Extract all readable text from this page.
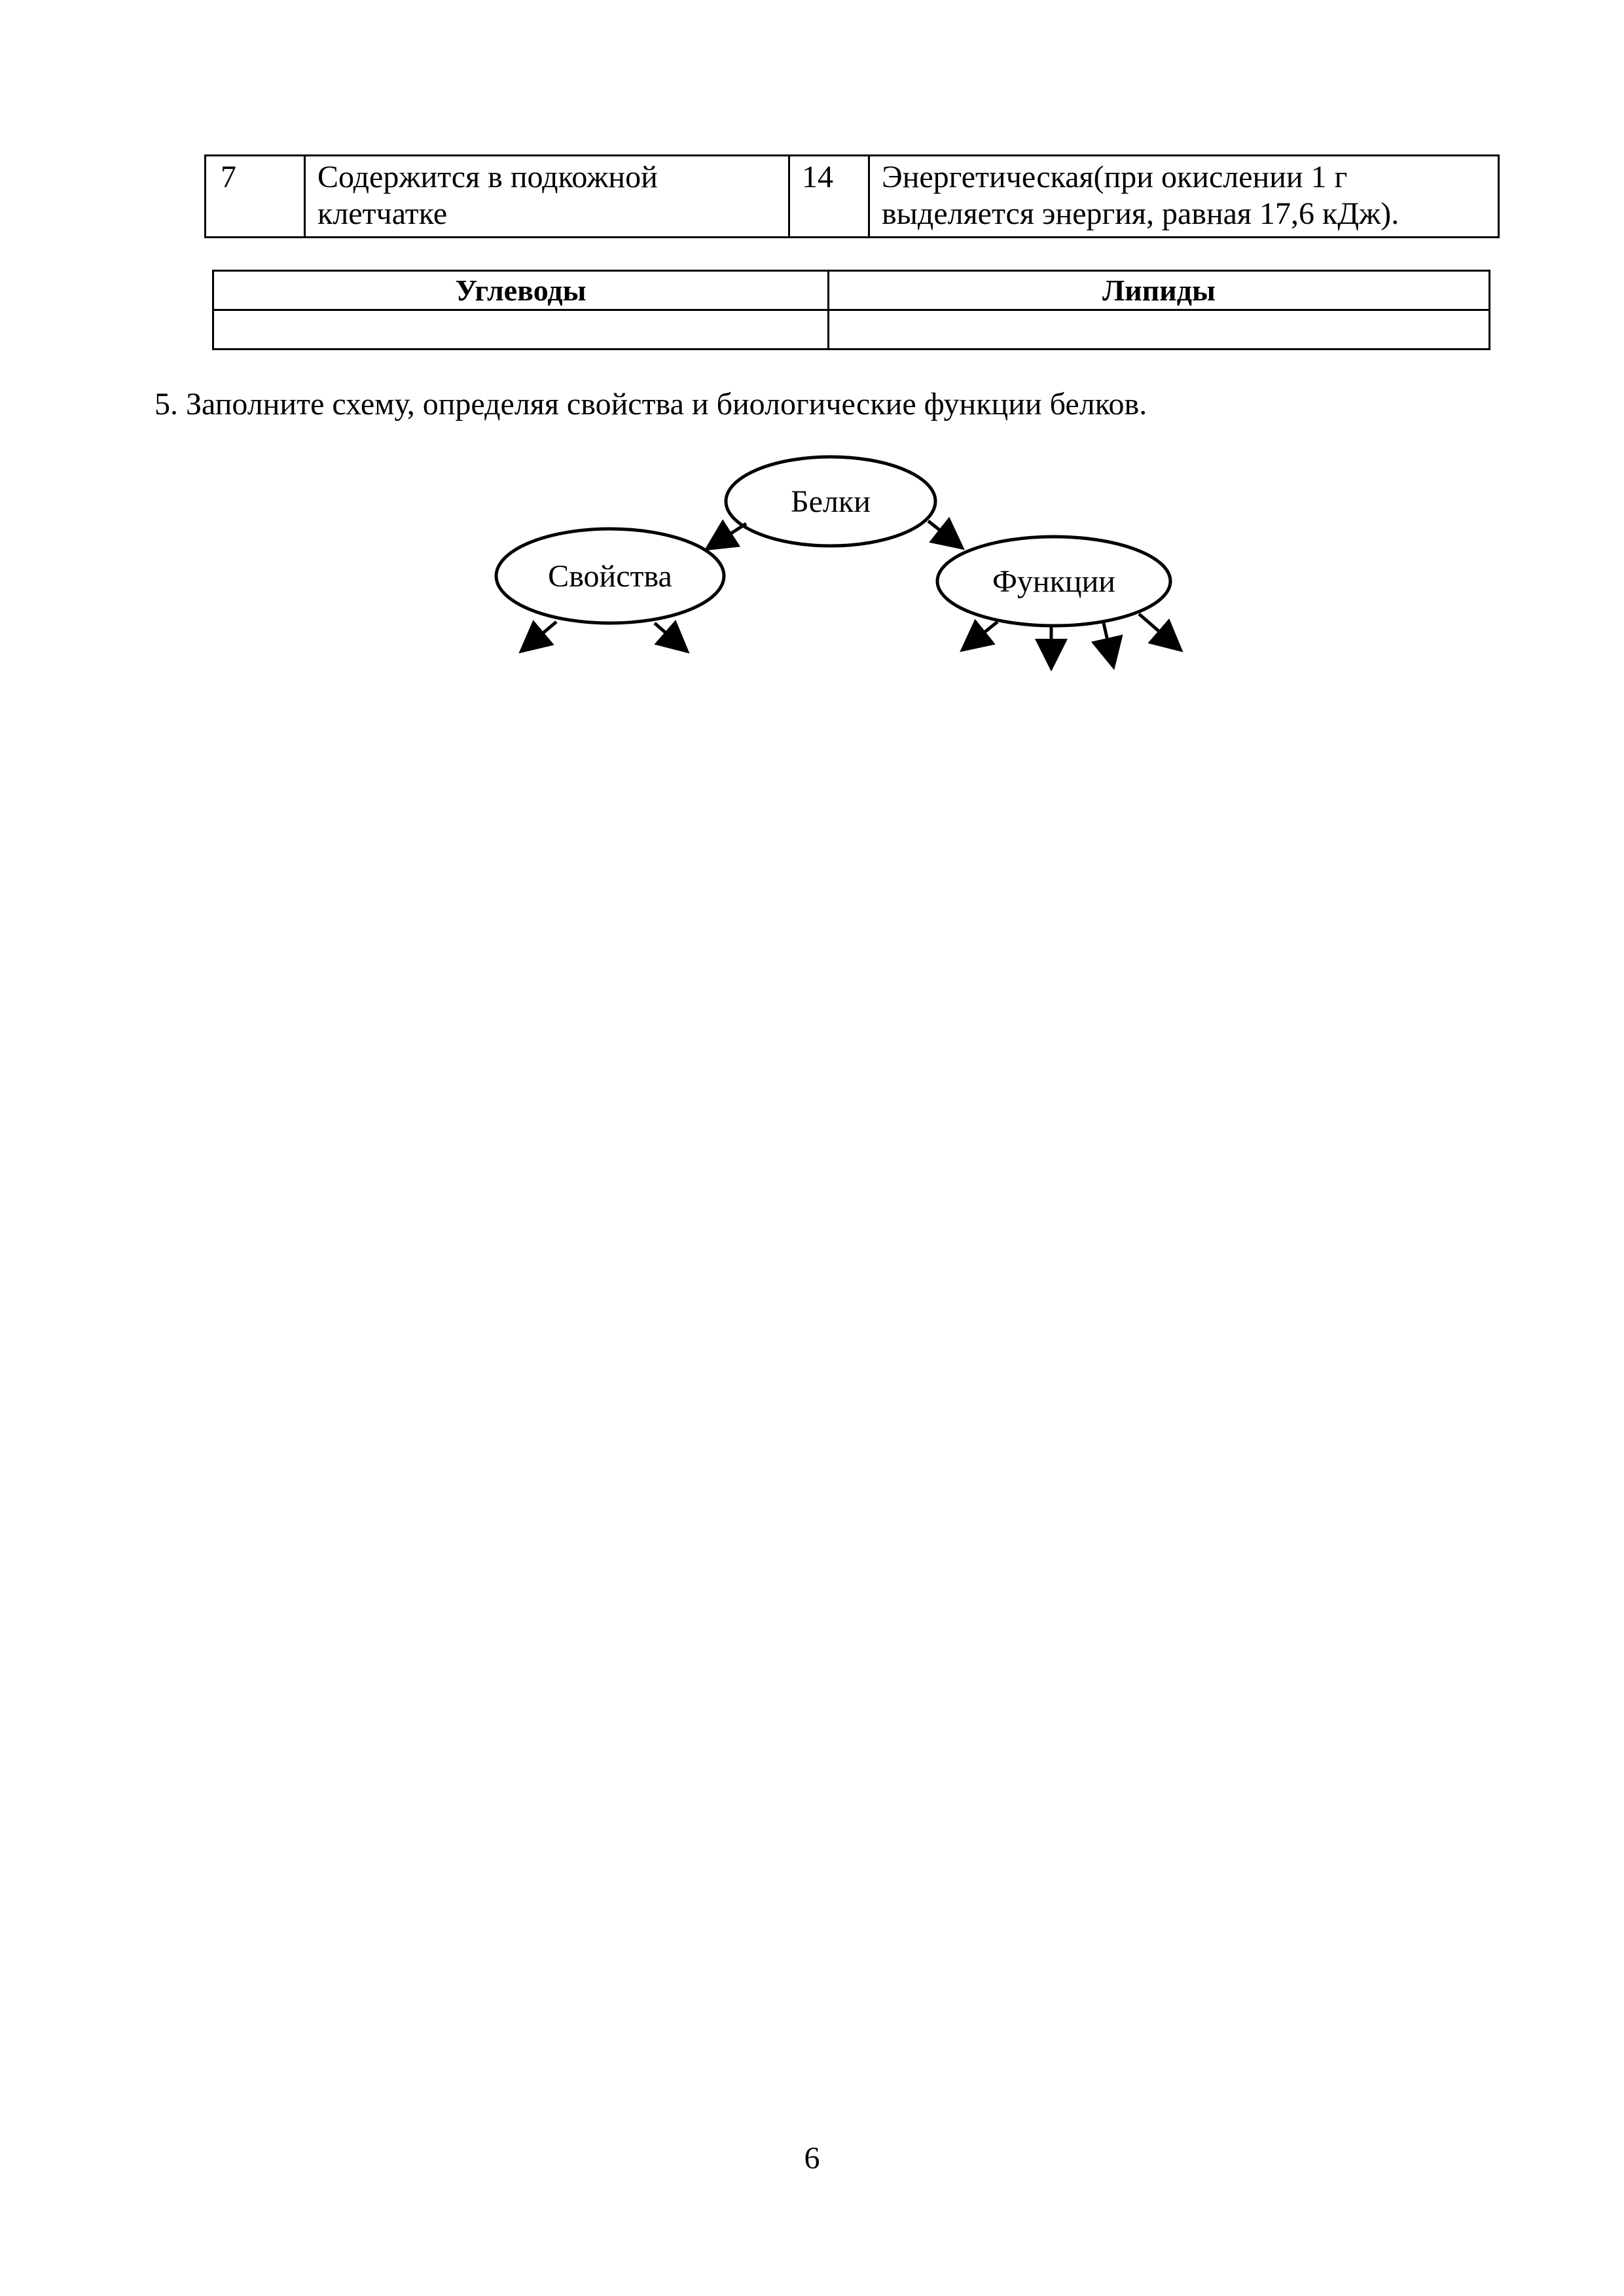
7	Содержится в подкожной клетчатке	14	Энергетическая(при окислении 1 г выделяется энергия, равная 17,6 кДж).
Углеводы	Липиды

5. Заполните схему, определяя свойства и биологические функции белков.
Белки
Свойства	Функции
6
